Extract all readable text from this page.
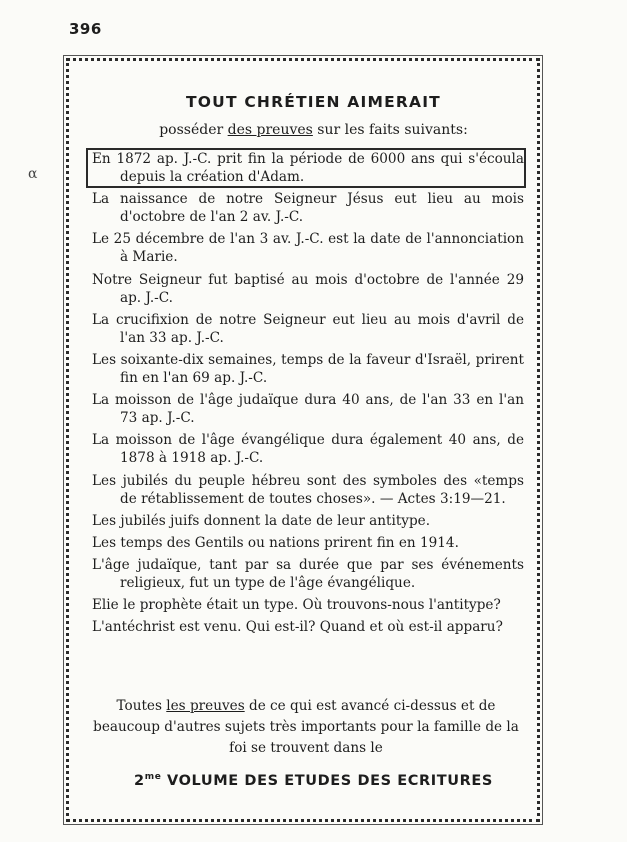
396
α
TOUT CHRÉTIEN AIMERAIT
posséder des preuves sur les faits suivants:
En 1872 ap. J.-C. prit fin la période de 6000 ans qui s'écoula depuis la création d'Adam.
La naissance de notre Seigneur Jésus eut lieu au mois d'octobre de l'an 2 av. J.-C.
Le 25 décembre de l'an 3 av. J.-C. est la date de l'annonciation à Marie.
Notre Seigneur fut baptisé au mois d'octobre de l'année 29 ap. J.-C.
La crucifixion de notre Seigneur eut lieu au mois d'avril de l'an 33 ap. J.-C.
Les soixante-dix semaines, temps de la faveur d'Israël, prirent fin en l'an 69 ap. J.-C.
La moisson de l'âge judaïque dura 40 ans, de l'an 33 en l'an 73 ap. J.-C.
La moisson de l'âge évangélique dura également 40 ans, de 1878 à 1918 ap. J.-C.
Les jubilés du peuple hébreu sont des symboles des «temps de rétablissement de toutes choses». — Actes 3:19—21.
Les jubilés juifs donnent la date de leur antitype.
Les temps des Gentils ou nations prirent fin en 1914.
L'âge judaïque, tant par sa durée que par ses événements religieux, fut un type de l'âge évangélique.
Elie le prophète était un type. Où trouvons-nous l'antitype?
L'antéchrist est venu. Qui est-il? Quand et où est-il apparu?

Toutes les preuves de ce qui est avancé ci-dessus et de beaucoup d'autres sujets très importants pour la famille de la foi se trouvent dans le

$2^{me}$ VOLUME DES ETUDES DES ECRITURES
